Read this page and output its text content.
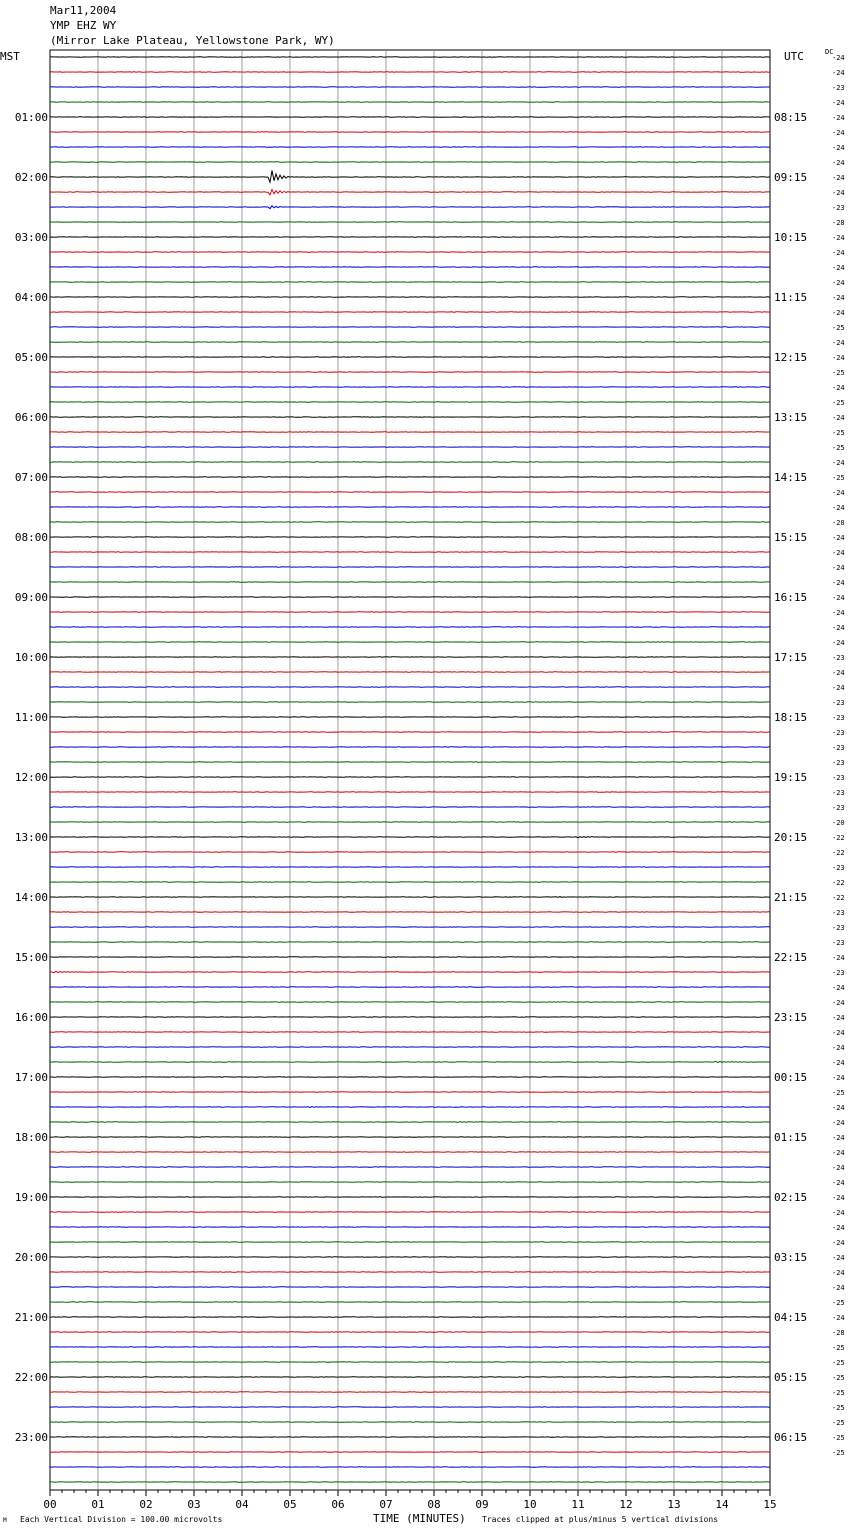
Mar11,2004
YMP EHZ WY
(Mirror Lake Plateau, Yellowstone Park, WY)
MST	UTC	DC
01:00	08:15
02:00	09:15
03:00	10:15
04:00	11:15
05:00	12:15
06:00	13:15
07:00	14:15
08:00	15:15
09:00	16:15
10:00	17:15
11:00	18:15
12:00	19:15
13:00	20:15
14:00	21:15
15:00	22:15
16:00	23:15
17:00	00:15
18:00	01:15
19:00	02:15
20:00	03:15
21:00	04:15
22:00	05:15
23:00	06:15
-24
-24
-23
-24
-24
-24
-24
-24
-24
-24
-23
-28
-24
-24
-24
-24
-24
-24
-25
-24
-24
-25
-24
-25
-24
-25
-25
-24
-25
-24
-24
-28
-24
-24
-24
-24
-24
-24
-24
-24
-23
-24
-24
-23
-23
-23
-23
-23
-23
-23
-23
-20
-22
-22
-23
-22
-22
-23
-23
-23
-24
-23
-24
-24
-24
-24
-24
-24
-24
-25
-24
-24
-24
-24
-24
-24
-24
-24
-24
-24
-24
-24
-24
-25
-24
-28
-25
-25
-25
-25
-25
-25
-25
-25
00	01	02	03	04	05	06	07	08	09	10	11	12	13	14	15
M Each Vertical Division = 100.00 microvolts	TIME (MINUTES) Traces clipped at plus/minus 5 vertical divisions
